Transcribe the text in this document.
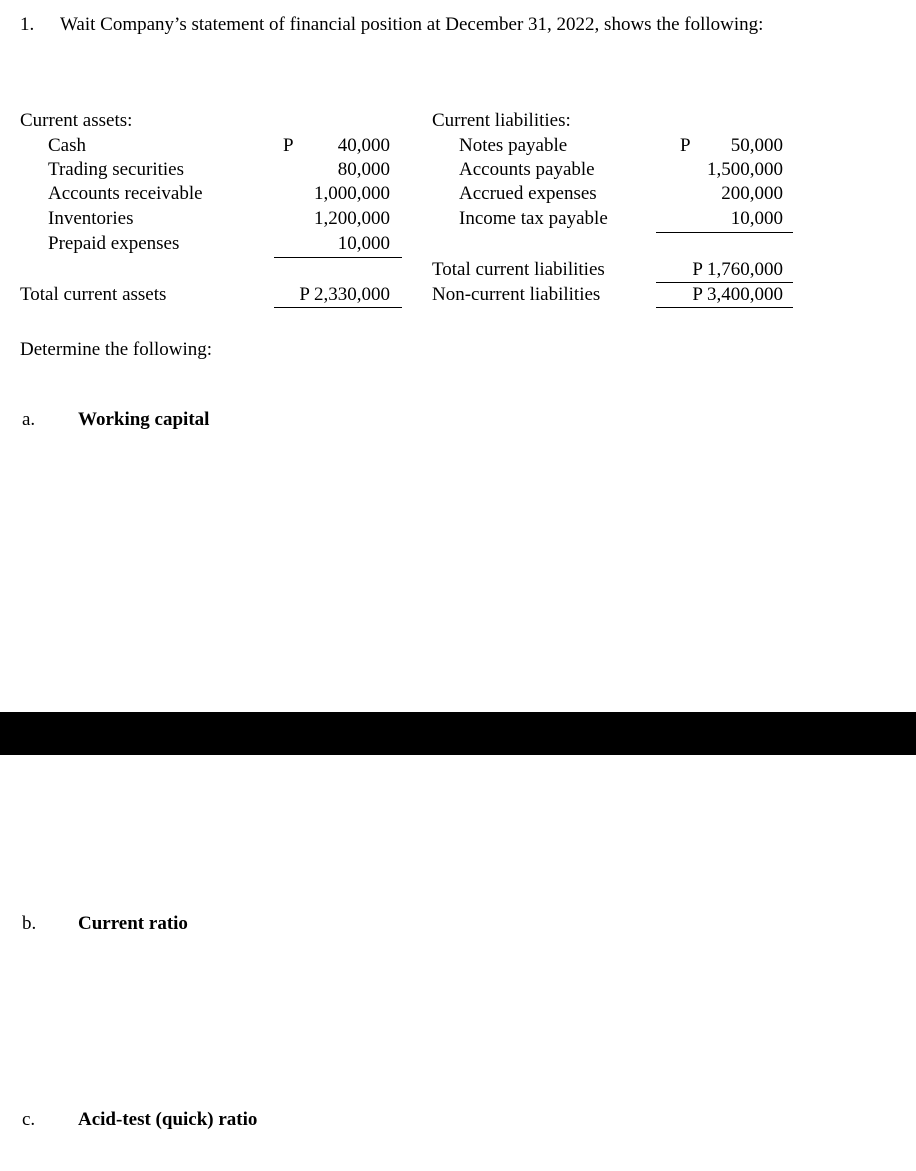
1. Wait Company’s statement of financial position at December 31, 2022, shows the following:
Current assets:
Cash	P	40,000
Trading securities	80,000
Accounts receivable	1,000,000
Inventories	1,200,000
Prepaid expenses	10,000
Total current assets	P 2,330,000
Current liabilities:
Notes payable	P	50,000
Accounts payable	1,500,000
Accrued expenses	200,000
Income tax payable	10,000
Total current liabilities	P 1,760,000
Non-current liabilities	P 3,400,000
Determine the following:
a. Working capital
b. Current ratio
c. Acid-test (quick) ratio
